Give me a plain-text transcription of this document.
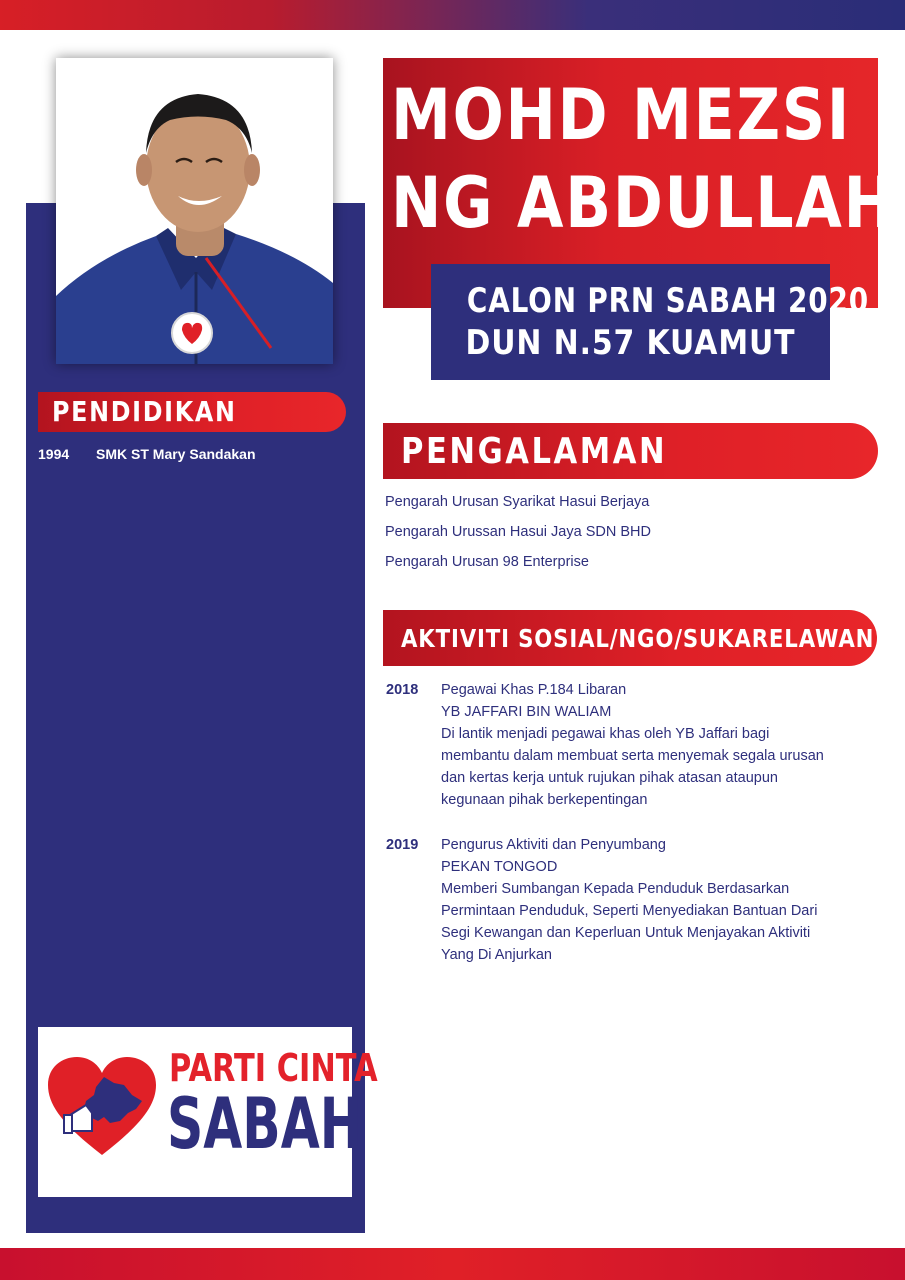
MOHD MEZSI
NG ABDULLAH
CALON PRN SABAH 2020
DUN N.57 KUAMUT
PENDIDIKAN
1994 SMK ST Mary Sandakan	PENGALAMAN
Pengarah Urusan Syarikat Hasui Berjaya
Pengarah Urussan Hasui Jaya SDN BHD
Pengarah Urusan 98 Enterprise
AKTIVITI SOSIAL/NGO/SUKARELAWAN
2018 Pegawai Khas P.184 Libaran
YB JAFFARI BIN WALIAM
Di lantik menjadi pegawai khas oleh YB Jaffari bagi
membantu dalam membuat serta menyemak segala urusan
dan kertas kerja untuk rujukan pihak atasan ataupun
kegunaan pihak berkepentingan
2019 Pengurus Aktiviti dan Penyumbang
PEKAN TONGOD
Memberi Sumbangan Kepada Penduduk Berdasarkan
Permintaan Penduduk, Seperti Menyediakan Bantuan Dari
Segi Kewangan dan Keperluan Untuk Menjayakan Aktiviti
Yang Di Anjurkan
PARTI CINTA
SABAH
